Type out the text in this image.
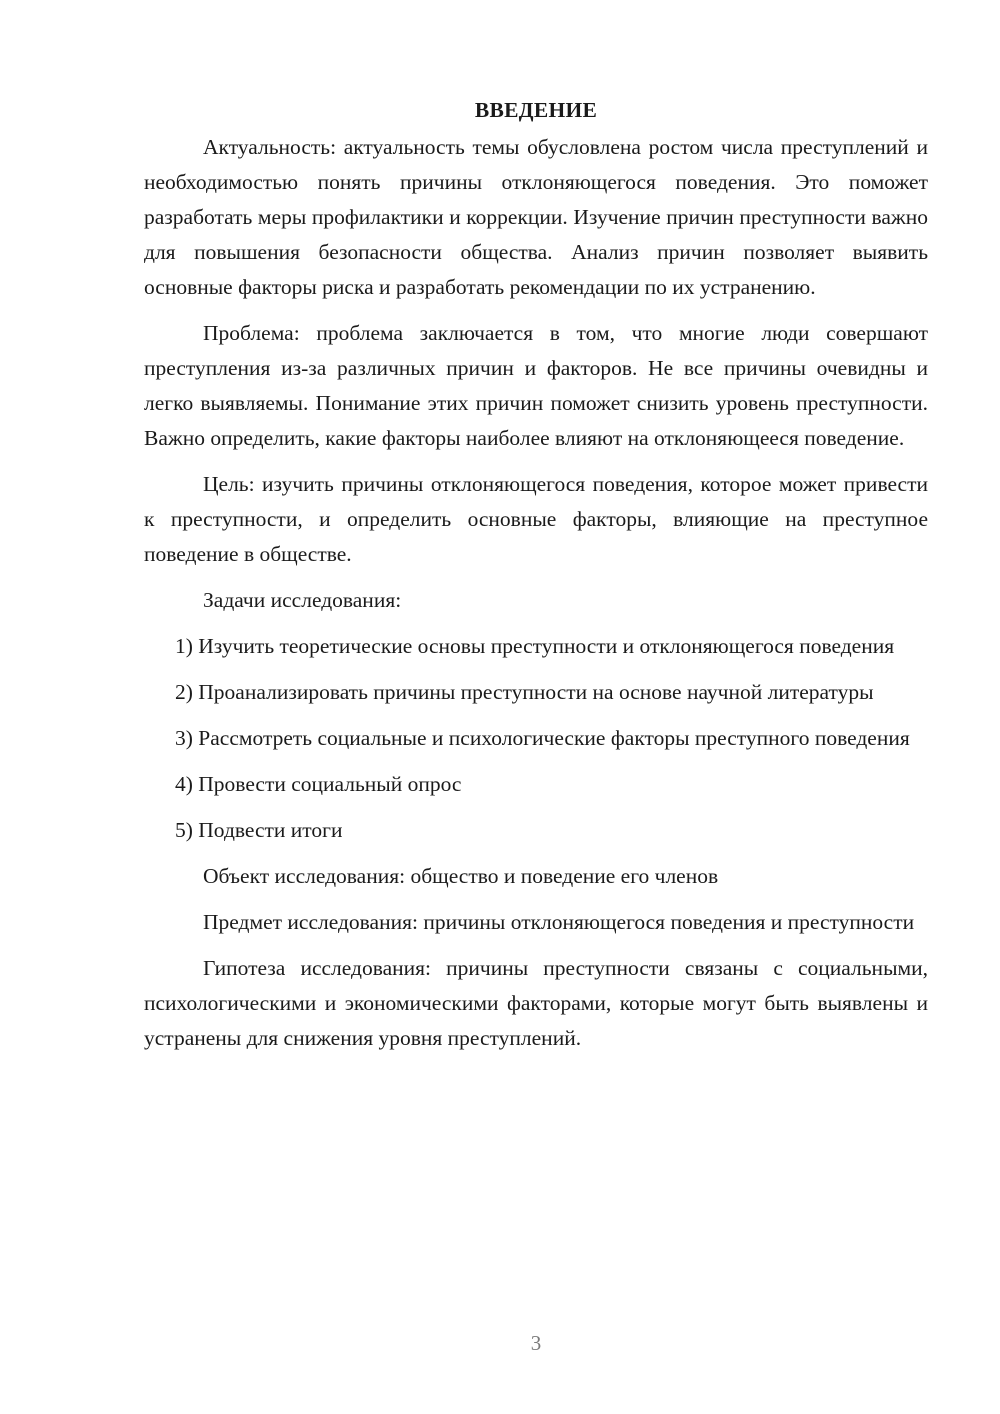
ВВЕДЕНИЕ

Актуальность: актуальность темы обусловлена ростом числа преступлений и необходимостью понять причины отклоняющегося поведения. Это поможет разработать меры профилактики и коррекции. Изучение причин преступности важно для повышения безопасности общества. Анализ причин позволяет выявить основные факторы риска и разработать рекомендации по их устранению.

Проблема: проблема заключается в том, что многие люди совершают преступления из-за различных причин и факторов. Не все причины очевидны и легко выявляемы. Понимание этих причин поможет снизить уровень преступности. Важно определить, какие факторы наиболее влияют на отклоняющееся поведение.

Цель: изучить причины отклоняющегося поведения, которое может привести к преступности, и определить основные факторы, влияющие на преступное поведение в обществе.

Задачи исследования:

1) Изучить теоретические основы преступности и отклоняющегося поведения

2) Проанализировать причины преступности на основе научной литературы

3) Рассмотреть социальные и психологические факторы преступного поведения

4) Провести социальный опрос

5) Подвести итоги

Объект исследования: общество и поведение его членов

Предмет исследования: причины отклоняющегося поведения и преступности

Гипотеза исследования: причины преступности связаны с социальными, психологическими и экономическими факторами, которые могут быть выявлены и устранены для снижения уровня преступлений.

3
